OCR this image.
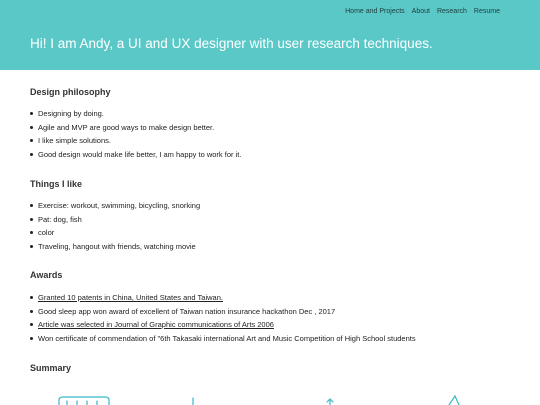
Home and Projects About Research Resume
Hi! I am Andy, a UI and UX designer with user research techniques.
Design philosophy
Designing by doing.
Agile and MVP are good ways to make design better.
I like simple solutions.
Good design would make life better, I am happy to work for it.
Things I like
Exercise: workout, swimming, bicycling, snorking
Pat: dog, fish
color
Traveling, hangout with friends, watching movie
Awards
Granted 10 patents in China, United States and Taiwan.
Good sleep app won award of excellent of Taiwan nation insurance hackathon Dec , 2017
Article was selected in Journal of Graphic communications of Arts 2006
Won certificate of commendation of "6th Takasaki international Art and Music Competition of High School students
Summary
